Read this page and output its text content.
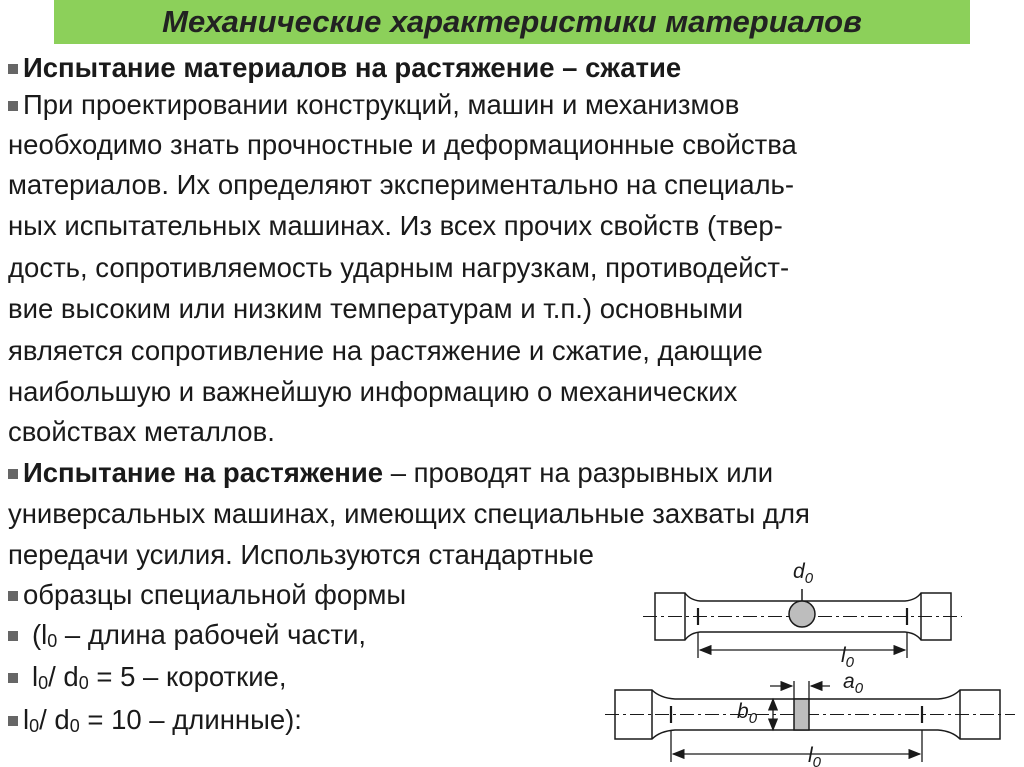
Механические характеристики материалов
Испытание материалов на растяжение – сжатие
При проектировании конструкций, машин и механизмов
необходимо знать прочностные и деформационные свойства
материалов. Их определяют экспериментально на специаль-
ных испытательных машинах. Из всех прочих свойств (твер-
дость, сопротивляемость ударным нагрузкам, противодейст-
вие высоким или низким температурам и т.п.) основными
является сопротивление на растяжение и сжатие, дающие
наибольшую и важнейшую информацию о механических
свойствах металлов.
Испытание на растяжение – проводят на разрывных или
универсальных машинах, имеющих специальные захваты для
передачи усилия. Используются стандартные
образцы специальной формы
(l0 – длина рабочей части,
l0/ d0 = 5 – короткие,
l0/ d0 = 10 – длинные):
$d_0$
$l_0$
$a_0$
$b_0$
$l_0$
